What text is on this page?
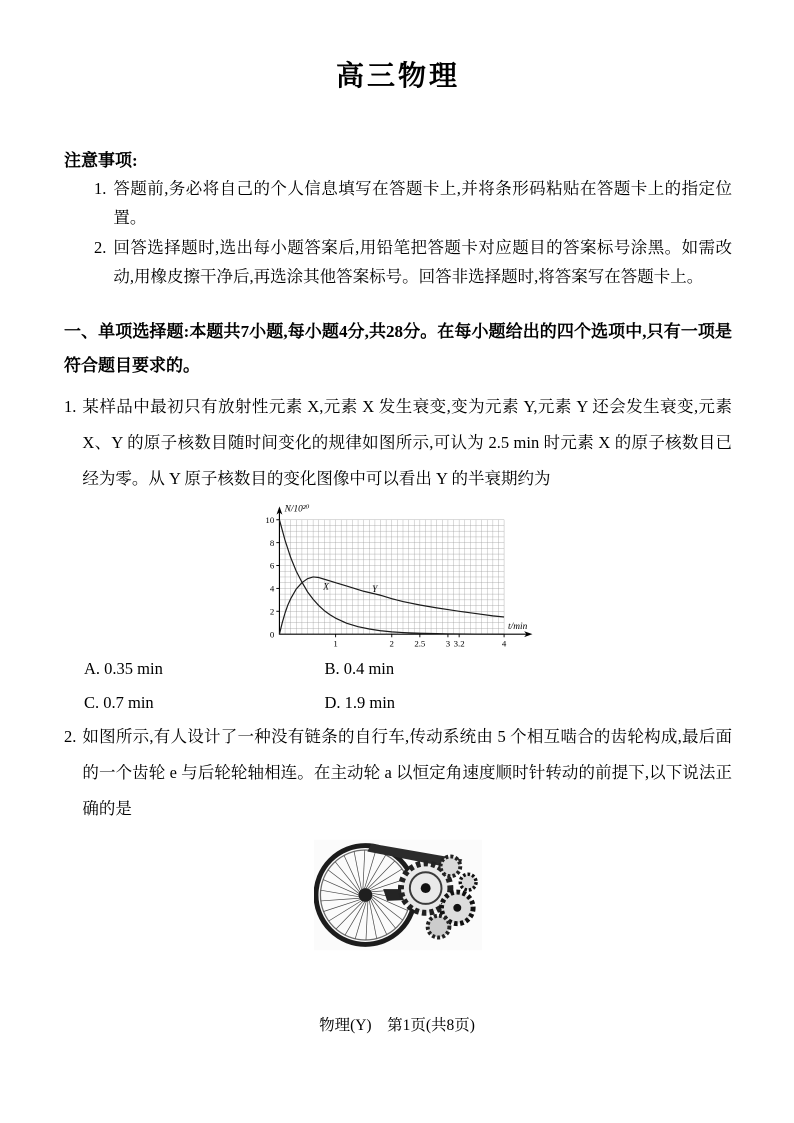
高三物理
注意事项:
1. 答题前,务必将自己的个人信息填写在答题卡上,并将条形码粘贴在答题卡上的指定位置。
2. 回答选择题时,选出每小题答案后,用铅笔把答题卡对应题目的答案标号涂黑。如需改动,用橡皮擦干净后,再选涂其他答案标号。回答非选择题时,将答案写在答题卡上。
一、单项选择题:本题共7小题,每小题4分,共28分。在每小题给出的四个选项中,只有一项是符合题目要求的。
1. 某样品中最初只有放射性元素 X,元素 X 发生衰变,变为元素 Y,元素 Y 还会发生衰变,元素 X、Y 的原子核数目随时间变化的规律如图所示,可认为 2.5 min 时元素 X 的原子核数目已经为零。从 Y 原子核数目的变化图像中可以看出 Y 的半衰期约为
0
2
4
6
8
10
1	2 2.5 3 3.2	4
N/10²⁰
t/min
X	Y
A. 0.35 min	B. 0.4 min
C. 0.7 min	D. 1.9 min
2. 如图所示,有人设计了一种没有链条的自行车,传动系统由 5 个相互啮合的齿轮构成,最后面的一个齿轮 e 与后轮轮轴相连。在主动轮 a 以恒定角速度顺时针转动的前提下,以下说法正确的是
物理(Y)　第1页(共8页)
